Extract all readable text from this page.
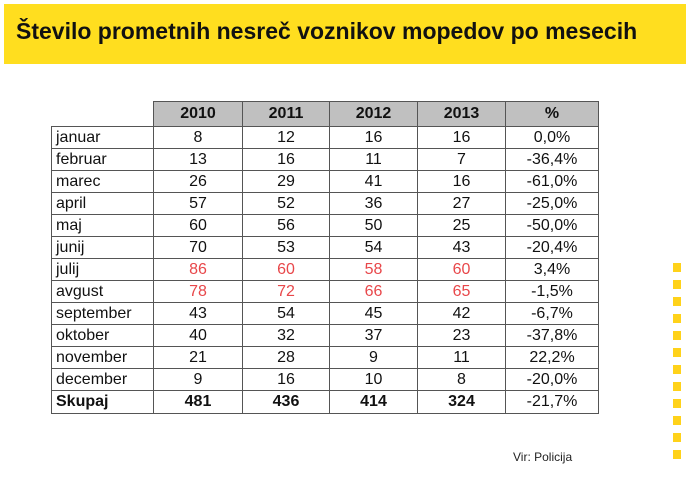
Število prometnih nesreč voznikov mopedov po mesecih
	2010	2011	2012	2013	%
januar	8	12	16	16	0,0%
februar	13	16	11	7	-36,4%
marec	26	29	41	16	-61,0%
april	57	52	36	27	-25,0%
maj	60	56	50	25	-50,0%
junij	70	53	54	43	-20,4%
julij	86	60	58	60	3,4%
avgust	78	72	66	65	-1,5%
september	43	54	45	42	-6,7%
oktober	40	32	37	23	-37,8%
november	21	28	9	11	22,2%
december	9	16	10	8	-20,0%
Skupaj	481	436	414	324	-21,7%
Vir: Policija
